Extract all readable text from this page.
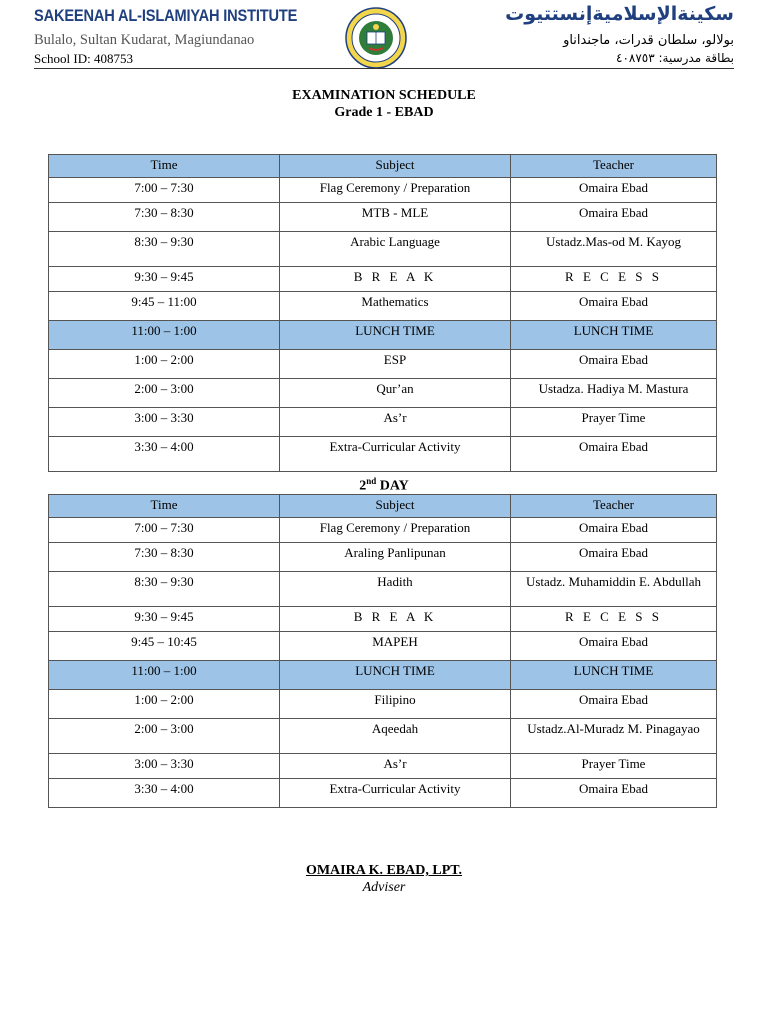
SAKEENAH AL-ISLAMIYAH INSTITUTE
Bulalo, Sultan Kudarat, Magiundanao
School ID: 408753
سكينةالإسلاميةإنستتيوت
بولالو، سلطان قدرات، ماجنداناو
بطاقة مدرسية: ٤٠٨٧٥٣
EXAMINATION SCHEDULE
Grade 1 - EBAD
Time	Subject	Teacher
7:00 – 7:30	Flag Ceremony / Preparation	Omaira Ebad
7:30 – 8:30	MTB - MLE	Omaira Ebad
8:30 – 9:30	Arabic Language	Ustadz.Mas-od M. Kayog
9:30 – 9:45	B R E A K	R E C E S S
9:45 – 11:00	Mathematics	Omaira Ebad
11:00 – 1:00	LUNCH TIME	LUNCH TIME
1:00 – 2:00	ESP	Omaira Ebad
2:00 – 3:00	Qur’an	Ustadza. Hadiya M. Mastura
3:00 – 3:30	As’r	Prayer Time
3:30 – 4:00	Extra-Curricular Activity	Omaira Ebad
2nd DAY
Time	Subject	Teacher
7:00 – 7:30	Flag Ceremony / Preparation	Omaira Ebad
7:30 – 8:30	Araling Panlipunan	Omaira Ebad
8:30 – 9:30	Hadith	Ustadz. Muhamiddin E. Abdullah
9:30 – 9:45	B R E A K	R E C E S S
9:45 – 10:45	MAPEH	Omaira Ebad
11:00 – 1:00	LUNCH TIME	LUNCH TIME
1:00 – 2:00	Filipino	Omaira Ebad
2:00 – 3:00	Aqeedah	Ustadz.Al-Muradz M. Pinagayao
3:00 – 3:30	As’r	Prayer Time
3:30 – 4:00	Extra-Curricular Activity	Omaira Ebad
OMAIRA K. EBAD, LPT.
Adviser
